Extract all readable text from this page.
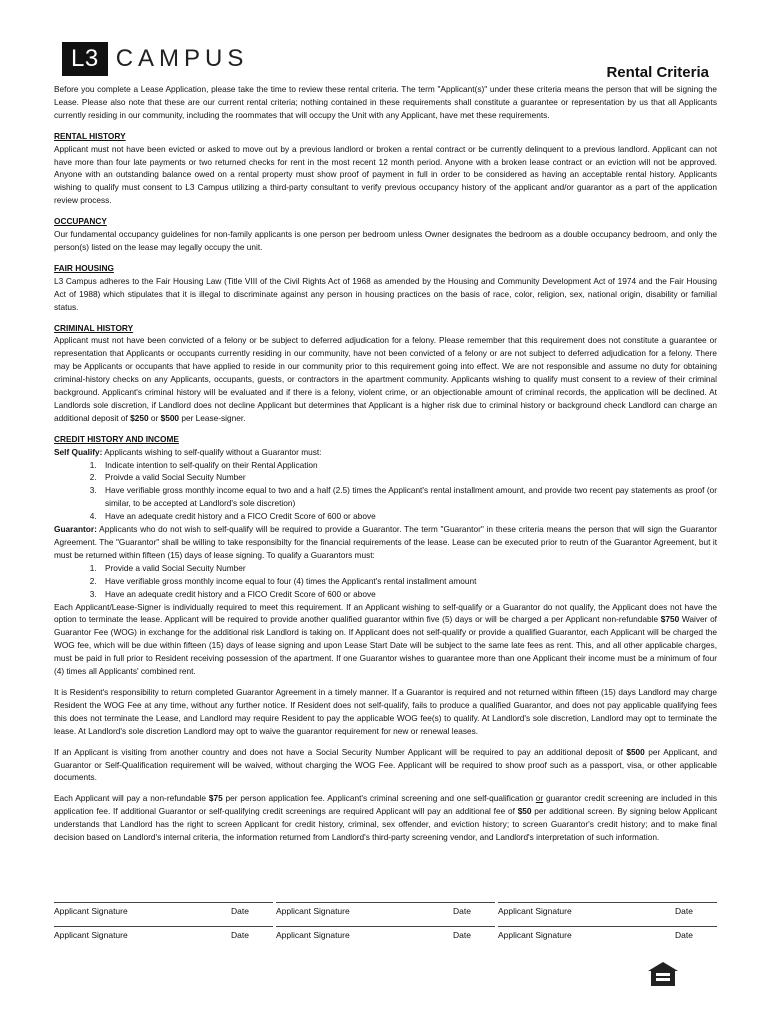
L3 CAMPUS
Rental Criteria

Before you complete a Lease Application, please take the time to review these rental criteria. The term "Applicant(s)" under these criteria means the person that will be signing the Lease. Please also note that these are our current rental criteria; nothing contained in these requirements shall constitute a guarantee or representation by us that all Applicants currently residing in our community, including the roommates that will occupy the Unit with any Applicant, have met these requirements.

RENTAL HISTORY

Applicant must not have been evicted or asked to move out by a previous landlord or broken a rental contract or be currently delinquent to a previous landlord. Applicant can not have more than four late payments or two returned checks for rent in the most recent 12 month period. Anyone with a broken lease contract or an eviction will not be approved. Anyone with an outstanding balance owed on a rental property must show proof of payment in full in order to be considered as having an acceptable rental history. Applicants wishing to qualify must consent to L3 Campus utilizing a third-party consultant to verify previous occupancy history of the applicant and/or guarantor as a part of the application review process.

OCCUPANCY

Our fundamental occupancy guidelines for non-family applicants is one person per bedroom unless Owner designates the bedroom as a double occupancy bedroom, and only the person(s) listed on the lease may legally occupy the unit.

FAIR HOUSING

L3 Campus adheres to the Fair Housing Law (Title VIII of the Civil Rights Act of 1968 as amended by the Housing and Community Development Act of 1974 and the Fair Housing Act of 1988) which stipulates that it is illegal to discriminate against any person in housing practices on the basis of race, color, religion, sex, national origin, disability or familial status.

CRIMINAL HISTORY

Applicant must not have been convicted of a felony or be subject to deferred adjudication for a felony. Please remember that this requirement does not constitute a guarantee or representation that Applicants or occupants currently residing in our community, have not been convicted of a felony or are not subject to deferred adjudication for a felony. There may be Applicants or occupants that have applied to reside in our community prior to this requirement going into effect. We are not responsible and assume no duty for obtaining criminal-history checks on any Applicants, occupants, guests, or contractors in the apartment community. Applicants wishing to qualify must consent to a review of their criminal background. Applicant's criminal history will be evaluated and if there is a felony, violent crime, or an objectionable amount of criminal records, the application will be declined. At Landlords sole discretion, if Landlord does not decline Applicant but determines that Applicant is a higher risk due to criminal history or background check Landlord can charge an additional deposit of $250 or $500 per Lease-signer.

CREDIT HISTORY AND INCOME

Self Qualify: Applicants wishing to self-qualify without a Guarantor must:

1. Indicate intention to self-qualify on their Rental Application
2. Proivde a valid Social Secuity Number
3. Have verifiable gross monthly income equal to two and a half (2.5) times the Applicant's rental installment amount, and provide two recent pay statements as proof (or similar, to be accepted at Landlord's sole discretion)
4. Have an adequate credit history and a FICO Credit Score of 600 or above

Guarantor: Applicants who do not wish to self-qualify will be required to provide a Guarantor. The term "Guarantor" in these criteria means the person that will sign the Guarantor Agreement. The "Guarantor" shall be willing to take responsibilty for the financial requirements of the lease. Lease can be executed prior to reutn of the Guarantor Agreement, but it must be returned within fifteen (15) days of lease signing. To qualify a Guarantors must:

1. Provide a valid Social Secuity Number
2. Have verifiable gross monthly income equal to four (4) times the Applicant's rental installment amount
3. Have an adequate credit history and a FICO Credit Score of 600 or above

Each Applicant/Lease-Signer is individually required to meet this requirement. If an Applicant wishing to self-qualify or a Guarantor do not qualify, the Applicant does not have the option to terminate the lease. Applicant will be required to provide another qualified guarantor within five (5) days or will be charged a per Applicant non-refundable $750 Waiver of Guarantor Fee (WOG) in exchange for the additional risk Landlord is taking on. If Applicant does not self-qualify or provide a qualified Guarantor, each Applicant will be charged the WOG fee, which will be due within fifteen (15) days of lease signing and upon Lease Start Date will be subject to the same late fees as rent. This, and all other applicable charges, must be paid in full prior to Resident receiving possession of the apartment. If one Guarantor wishes to guarantee more than one Applicant their income must be a minimum of four (4) times all Applicants' combined rent.

It is Resident's responsibility to return completed Guarantor Agreement in a timely manner. If a Guarantor is required and not returned within fifteen (15) days Landlord may charge Resident the WOG Fee at any time, without any further notice. If Resident does not self-qualify, fails to produce a qualified Guarantor, and does not pay applicable qualifying fees this does not terminate the Lease, and Landlord may require Resident to pay the applicable WOG fee(s) to qualify. At Landlord's sole discretion, Landlord may opt to terminate the lease. At Landlord's sole discretion Landlord may opt to waive the guarantor requirement for new or renewal leases.

If an Applicant is visiting from another country and does not have a Social Security Number Applicant will be required to pay an additional deposit of $500 per Applicant, and Guarantor or Self-Qualification requirement will be waived, without charging the WOG Fee. Applicant will be required to show proof such as a passport, visa, or other applicable documents.

Each Applicant will pay a non-refundable $75 per person application fee. Applicant's criminal screening and one self-qualification or guarantor credit screening are included in this application fee. If additional Guarantor or self-qualifying credit screenings are required Applicant will pay an additional fee of $50 per additional screen. By signing below Applicant understands that Landlord has the right to screen Applicant for credit history, criminal, sex offender, and eviction history; to screen Guarantor's credit history; and to make final decision based on Landlord's internal criteria, the information returned from Landlord's third-party screening vendor, and Landlord's interpretation of such information.

Applicant Signature	Date	Applicant Signature	Date	Applicant Signature	Date
Applicant Signature	Date	Applicant Signature	Date	Applicant Signature	Date
